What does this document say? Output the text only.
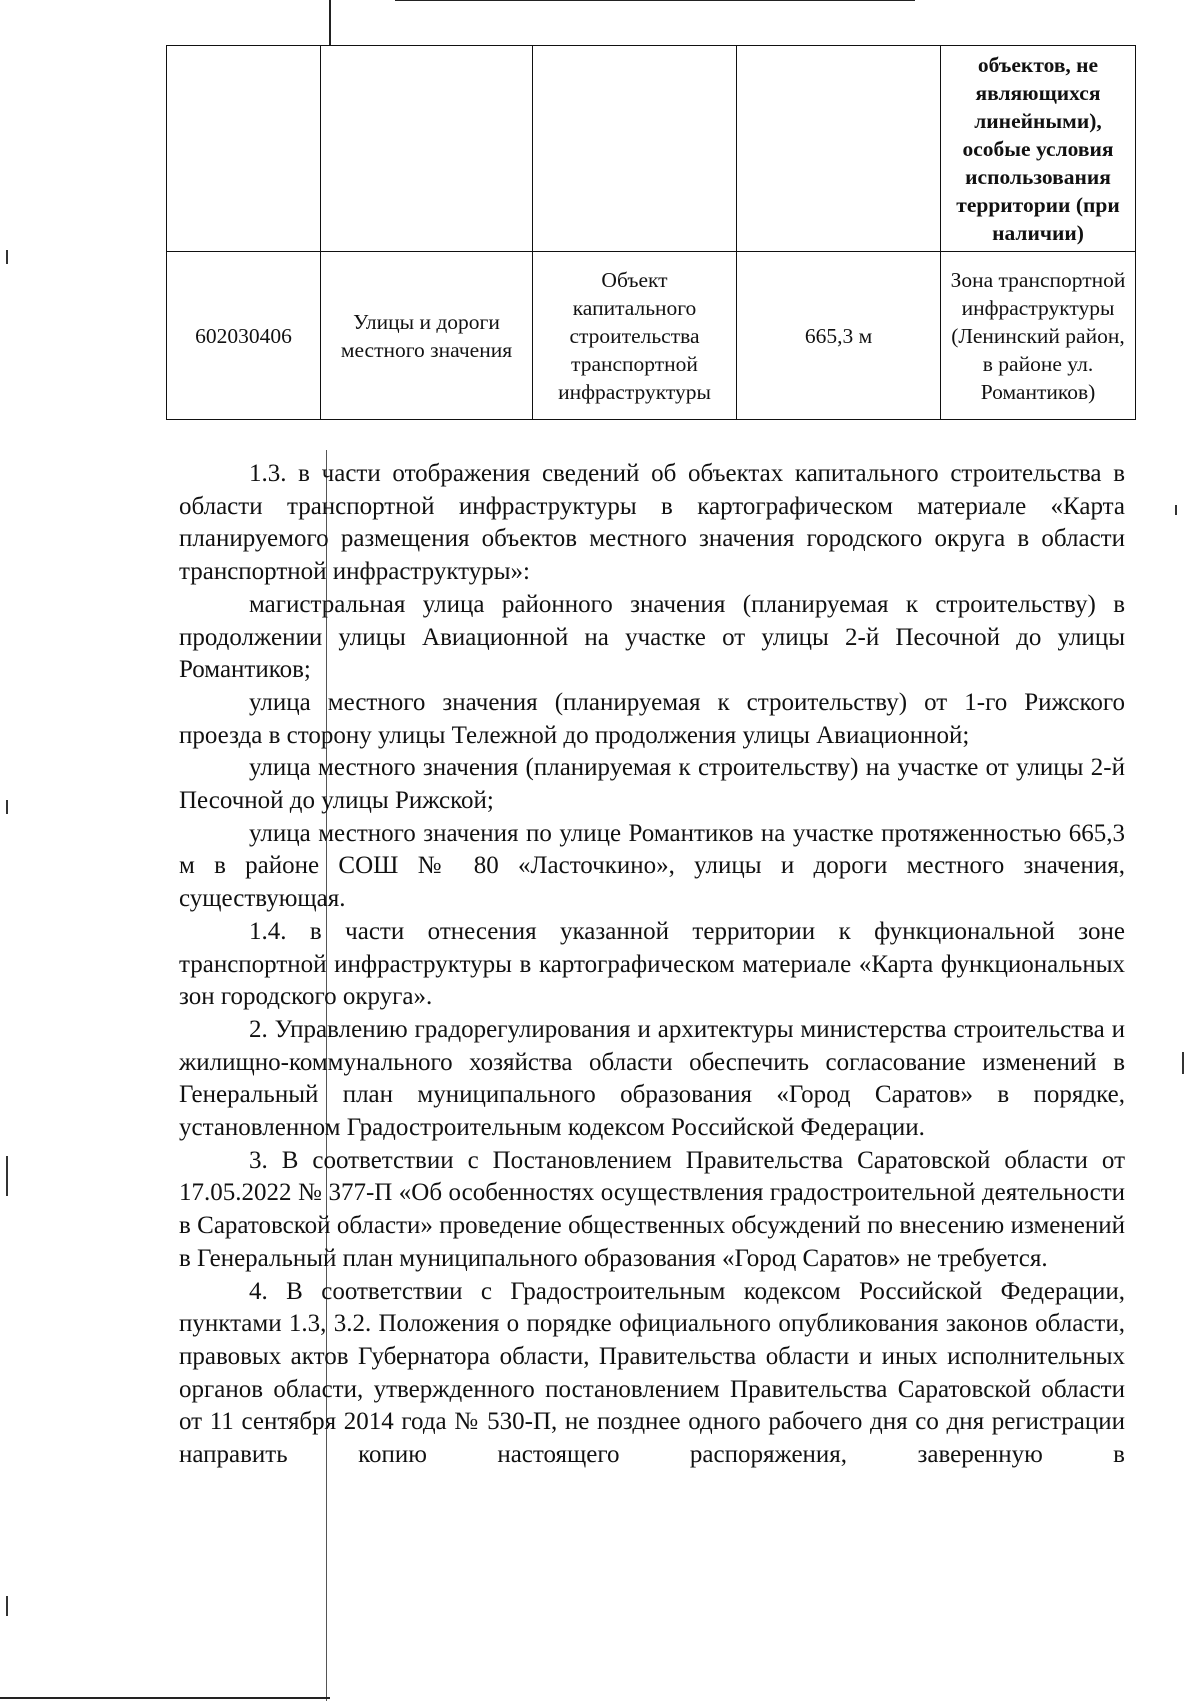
				объектов, не являющихся линейными), особые условия использования территории (при наличии)
602030406	Улицы и дороги местного значения	Объект капитального строительства транспортной инфраструктуры	665,3 м	Зона транспортной инфраструктуры (Ленинский район, в районе ул. Романтиков)

1.3. в части отображения сведений об объектах капитального строительства в области транспортной инфраструктуры в картографическом материале «Карта планируемого размещения объектов местного значения городского округа в области транспортной инфраструктуры»:

магистральная улица районного значения (планируемая к строительству) в продолжении улицы Авиационной на участке от улицы 2-й Песочной до улицы Романтиков;

улица местного значения (планируемая к строительству) от 1-го Рижского проезда в сторону улицы Тележной до продолжения улицы Авиационной;

улица местного значения (планируемая к строительству) на участке от улицы 2-й Песочной до улицы Рижской;

улица местного значения по улице Романтиков на участке протяженностью 665,3 м в районе СОШ № 80 «Ласточкино», улицы и дороги местного значения, существующая.

1.4. в части отнесения указанной территории к функциональной зоне транспортной инфраструктуры в картографическом материале «Карта функциональных зон городского округа».

2. Управлению градорегулирования и архитектуры министерства строительства и жилищно-коммунального хозяйства области обеспечить согласование изменений в Генеральный план муниципального образования «Город Саратов» в порядке, установленном Градостроительным кодексом Российской Федерации.

3. В соответствии с Постановлением Правительства Саратовской области от 17.05.2022 № 377-П «Об особенностях осуществления градостроительной деятельности в Саратовской области» проведение общественных обсуждений по внесению изменений в Генеральный план муниципального образования «Город Саратов» не требуется.

4. В соответствии с Градостроительным кодексом Российской Федерации, пунктами 1.3, 3.2. Положения о порядке официального опубликования законов области, правовых актов Губернатора области, Правительства области и иных исполнительных органов области, утвержденного постановлением Правительства Саратовской области от 11 сентября 2014 года № 530-П, не позднее одного рабочего дня со дня регистрации направить копию настоящего распоряжения, заверенную в
